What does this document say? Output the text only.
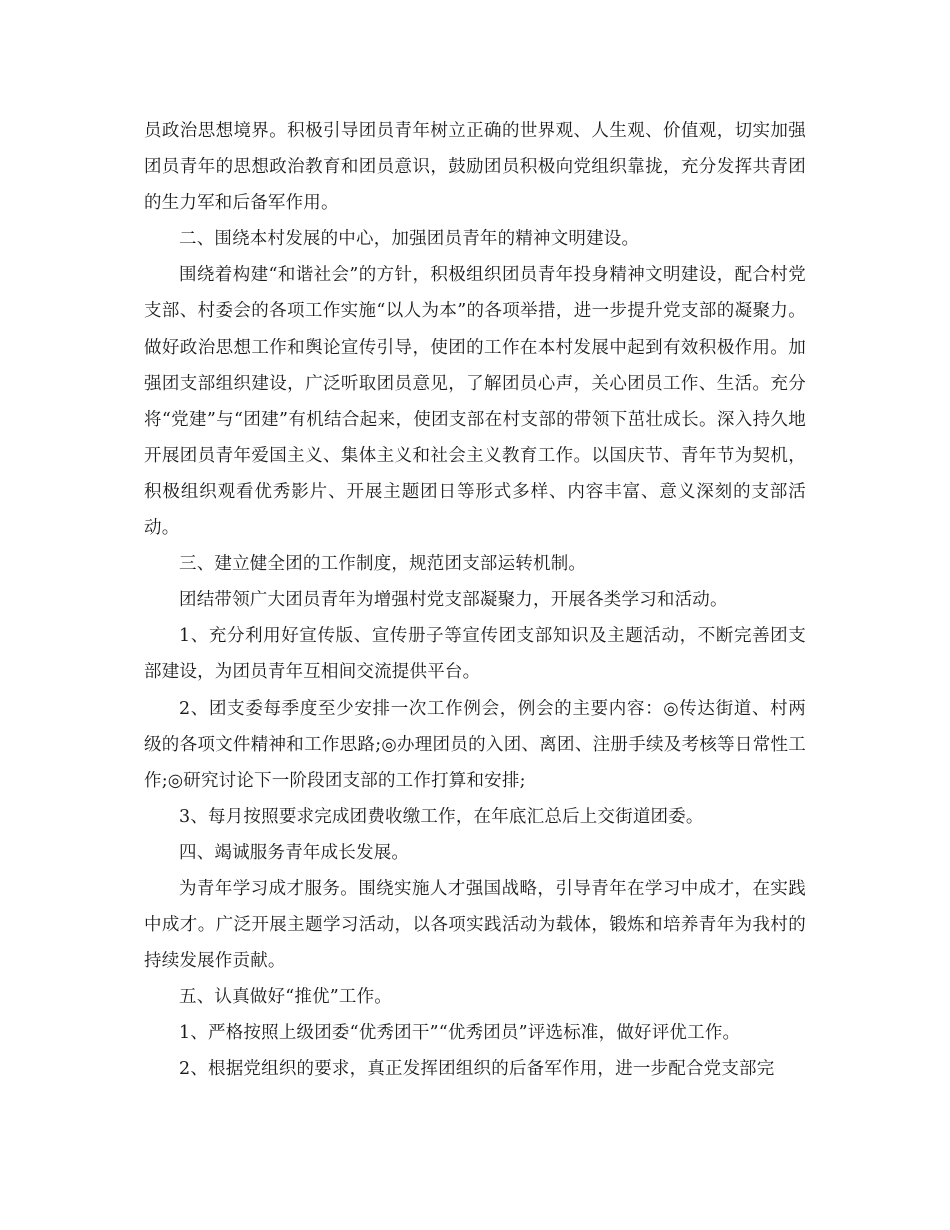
员政治思想境界。积极引导团员青年树立正确的世界观、人生观、价值观，切实加强团员青年的思想政治教育和团员意识，鼓励团员积极向党组织靠拢，充分发挥共青团的生力军和后备军作用。

二、围绕本村发展的中心，加强团员青年的精神文明建设。

围绕着构建“和谐社会”的方针，积极组织团员青年投身精神文明建设，配合村党支部、村委会的各项工作实施“以人为本”的各项举措，进一步提升党支部的凝聚力。做好政治思想工作和舆论宣传引导，使团的工作在本村发展中起到有效积极作用。加强团支部组织建设，广泛听取团员意见，了解团员心声，关心团员工作、生活。充分将“党建”与“团建”有机结合起来，使团支部在村支部的带领下茁壮成长。深入持久地开展团员青年爱国主义、集体主义和社会主义教育工作。以国庆节、青年节为契机，积极组织观看优秀影片、开展主题团日等形式多样、内容丰富、意义深刻的支部活动。

三、建立健全团的工作制度，规范团支部运转机制。

团结带领广大团员青年为增强村党支部凝聚力，开展各类学习和活动。

1、充分利用好宣传版、宣传册子等宣传团支部知识及主题活动，不断完善团支部建设，为团员青年互相间交流提供平台。

2、团支委每季度至少安排一次工作例会，例会的主要内容：◎传达街道、村两级的各项文件精神和工作思路;◎办理团员的入团、离团、注册手续及考核等日常性工作;◎研究讨论下一阶段团支部的工作打算和安排;

3、每月按照要求完成团费收缴工作，在年底汇总后上交街道团委。

四、竭诚服务青年成长发展。

为青年学习成才服务。围绕实施人才强国战略，引导青年在学习中成才，在实践中成才。广泛开展主题学习活动，以各项实践活动为载体，锻炼和培养青年为我村的持续发展作贡献。

五、认真做好“推优”工作。

1、严格按照上级团委“优秀团干”“优秀团员”评选标准，做好评优工作。

2、根据党组织的要求，真正发挥团组织的后备军作用，进一步配合党支部完
